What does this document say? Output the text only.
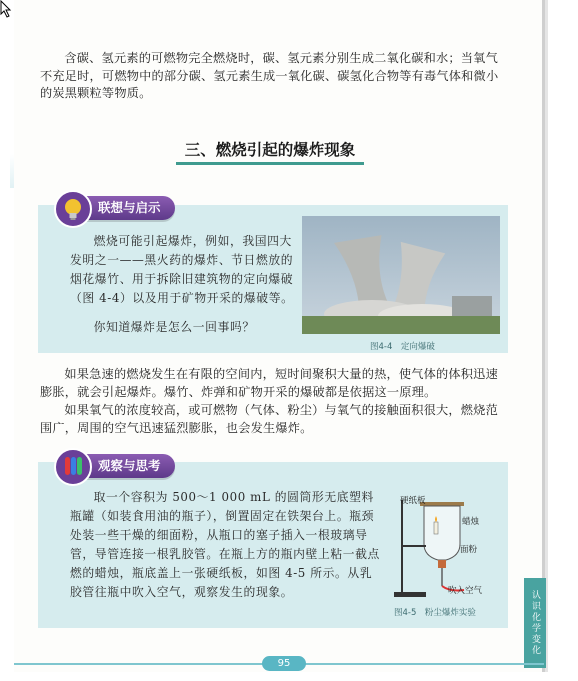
含碳、氢元素的可燃物完全燃烧时，碳、氢元素分别生成二氧化碳和水；当氧气不充足时，可燃物中的部分碳、氢元素生成一氧化碳、碳氢化合物等有毒气体和微小的炭黑颗粒等物质。

三、燃烧引起的爆炸现象
联想与启示

燃烧可能引起爆炸，例如，我国四大发明之一——黑火药的爆炸、节日燃放的烟花爆竹、用于拆除旧建筑物的定向爆破（图 4-4）以及用于矿物开采的爆破等。

你知道爆炸是怎么一回事吗？

图4-4　定向爆破

如果急速的燃烧发生在有限的空间内，短时间聚积大量的热，使气体的体积迅速膨胀，就会引起爆炸。爆竹、炸弹和矿物开采的爆破都是依据这一原理。

如果氧气的浓度较高，或可燃物（气体、粉尘）与氧气的接触面积很大，燃烧范围广，周围的空气迅速猛烈膨胀，也会发生爆炸。

观察与思考

取一个容积为 500～1 000 mL 的圆筒形无底塑料瓶罐（如装食用油的瓶子），倒置固定在铁架台上。瓶颈处装一些干燥的细面粉，从瓶口的塞子插入一根玻璃导管，导管连接一根乳胶管。在瓶上方的瓶内壁上粘一截点燃的蜡烛，瓶底盖上一张硬纸板，如图 4-5 所示。从乳胶管往瓶中吹入空气，观察发生的现象。

硬纸板
蜡烛
面粉
吹入空气
图4-5　粉尘爆炸实验	认识化学变化
95
